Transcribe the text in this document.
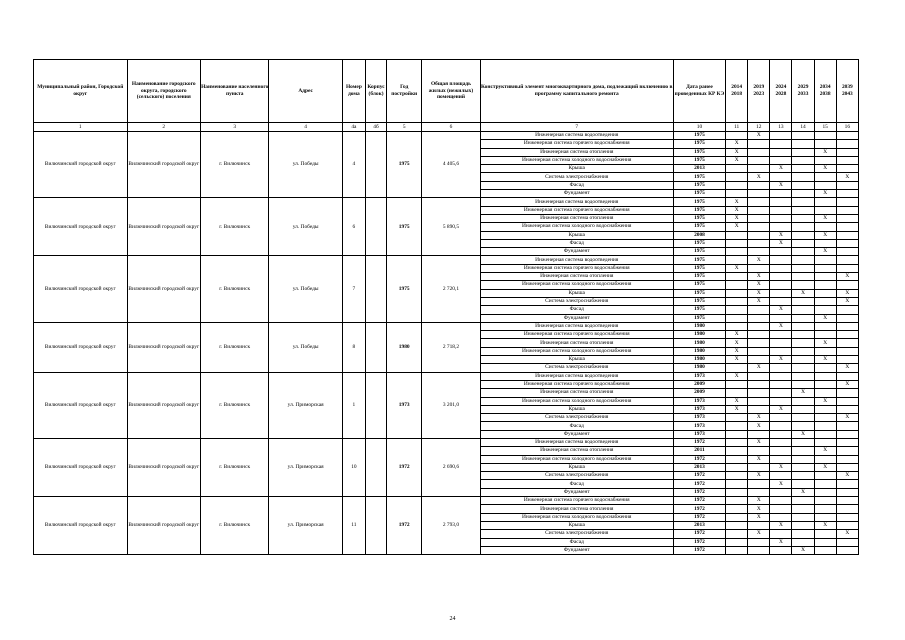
Муниципальный район, Городской округ	Наименование городского округа, городского (сельского) поселения	Наименование населенного пункта	Адрес	Номер дома	Корпус (блок)	Год постройки	Общая площадь жилых (нежилых) помещений	Конструктивный элемент многоквартирного дома, подлежащий включению в программу капитального ремонта	Дата ранее проведенных КР КЭ	2014 2018	2019 2023	2024 2028	2029 2033	2034 2038	2039 2043
1	2	3	4	4а	4б	5	6	7	10	11	12	13	14	15	16
Вилючинский городской округ	Вилючинский городской округ	г. Вилючинск	ул. Победы	4		1975	4 405,6	Инженерная система водоотведения	1975		X				
								Инженерная система горячего водоснабжения	1975	X					
								Инженерная система отопления	1975	X				X	
								Инженерная система холодного водоснабжения	1975	X					
								Крыша	2013			X		X	
								Система электроснабжения	1975		X				X
								Фасад	1975			X			
								Фундамент	1975					X	
Вилючинский городской округ	Вилючинский городской округ	г. Вилючинск	ул. Победы	6		1975	5 890,5	Инженерная система водоотведения	1975	X					
								Инженерная система горячего водоснабжения	1975	X					
								Инженерная система отопления	1975	X				X	
								Инженерная система холодного водоснабжения	1975	X					
								Крыша	2008			X		X	
								Фасад	1975			X			
								Фундамент	1975					X	
Вилючинский городской округ	Вилючинский городской округ	г. Вилючинск	ул. Победы	7		1975	2 720,1	Инженерная система водоотведения	1975		X				
								Инженерная система горячего водоснабжения	1975	X					
								Инженерная система отопления	1975		X				X
								Инженерная система холодного водоснабжения	1975		X				
								Крыша	1975		X		X		X
								Система электроснабжения	1975		X				X
								Фасад	1975			X			
								Фундамент	1975					X	
Вилючинский городской округ	Вилючинский городской округ	г. Вилючинск	ул. Победы	8		1980	2 718,2	Инженерная система водоотведения	1980			X			
								Инженерная система горячего водоснабжения	1980	X					
								Инженерная система отопления	1980	X				X	
								Инженерная система холодного водоснабжения	1980	X					
								Крыша	1980	X		X		X	
								Система электроснабжения	1980		X				X
Вилючинский городской округ	Вилючинский городской округ	г. Вилючинск	ул. Приморская	1		1973	3 201,0	Инженерная система водоотведения	1973	X					
								Инженерная система горячего водоснабжения	2009						X
								Инженерная система отопления	2009				X		
								Инженерная система холодного водоснабжения	1973	X				X	
								Крыша	1973	X		X			
								Система электроснабжения	1973		X				X
								Фасад	1973		X				
								Фундамент	1973				X		
Вилючинский городской округ	Вилючинский городской округ	г. Вилючинск	ул. Приморская	10		1972	2 690,6	Инженерная система водоотведения	1972		X				
								Инженерная система отопления	2011					X	
								Инженерная система холодного водоснабжения	1972		X				
								Крыша	2013			X		X	
								Система электроснабжения	1972		X				X
								Фасад	1972			X			
								Фундамент	1972				X		
Вилючинский городской округ	Вилючинский городской округ	г. Вилючинск	ул. Приморская	11		1972	2 793,0	Инженерная система горячего водоснабжения	1972		X				
								Инженерная система отопления	1972		X				
								Инженерная система холодного водоснабжения	1972		X				
								Крыша	2013			X		X	
								Система электроснабжения	1972		X				X
								Фасад	1972			X			
								Фундамент	1972				X		
24
